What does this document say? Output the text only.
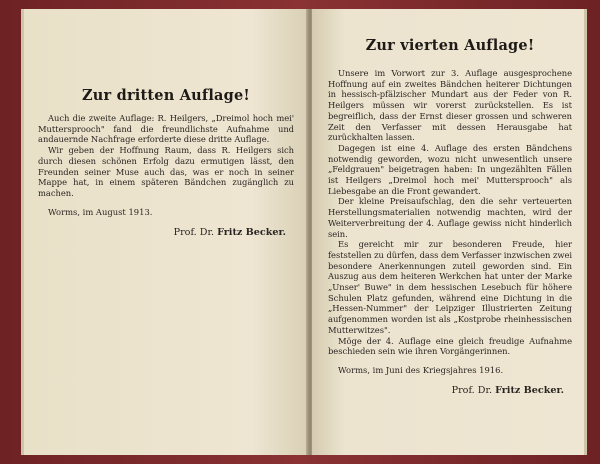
Zur dritten Auflage!

Auch die zweite Auflage: R. Heilgers, „Dreimol hoch mei' Muttersprooch" fand die freundlichste Aufnahme und andauernde Nachfrage erforderte diese dritte Auflage.

Wir geben der Hoffnung Raum, dass R. Heilgers sich durch diesen schönen Erfolg dazu ermutigen lässt, den Freunden seiner Muse auch das, was er noch in seiner Mappe hat, in einem späteren Bändchen zugänglich zu machen.

Worms, im August 1913.
Prof. Dr. Fritz Becker.
Zur vierten Auflage!

Unsere im Vorwort zur 3. Auflage ausgesprochene Hoffnung auf ein zweites Bändchen heiterer Dichtungen in hessisch-pfälzischer Mundart aus der Feder von R. Heilgers müssen wir vorerst zurückstellen. Es ist begreiflich, dass der Ernst dieser grossen und schweren Zeit den Verfasser mit dessen Herausgabe hat zurückhalten lassen.

Dagegen ist eine 4. Auflage des ersten Bändchens notwendig geworden, wozu nicht unwesentlich unsere „Feldgrauen" beigetragen haben: In ungezählten Fällen ist Heilgers „Dreimol hoch mei' Muttersprooch" als Liebesgabe an die Front gewandert.

Der kleine Preisaufschlag, den die sehr verteuerten Herstellungsmaterialien notwendig machten, wird der Weiterverbreitung der 4. Auflage gewiss nicht hinderlich sein.

Es gereicht mir zur besonderen Freude, hier feststellen zu dürfen, dass dem Verfasser inzwischen zwei besondere Anerkennungen zuteil geworden sind. Ein Auszug aus dem heiteren Werkchen hat unter der Marke „Unser' Buwe" in dem hessischen Lesebuch für höhere Schulen Platz gefunden, während eine Dichtung in die „Hessen-Nummer" der Leipziger Illustrierten Zeitung aufgenommen worden ist als „Kostprobe rheinhessischen Mutterwitzes".

Möge der 4. Auflage eine gleich freudige Aufnahme beschieden sein wie ihren Vorgängerinnen.

Worms, im Juni des Kriegsjahres 1916.
Prof. Dr. Fritz Becker.
